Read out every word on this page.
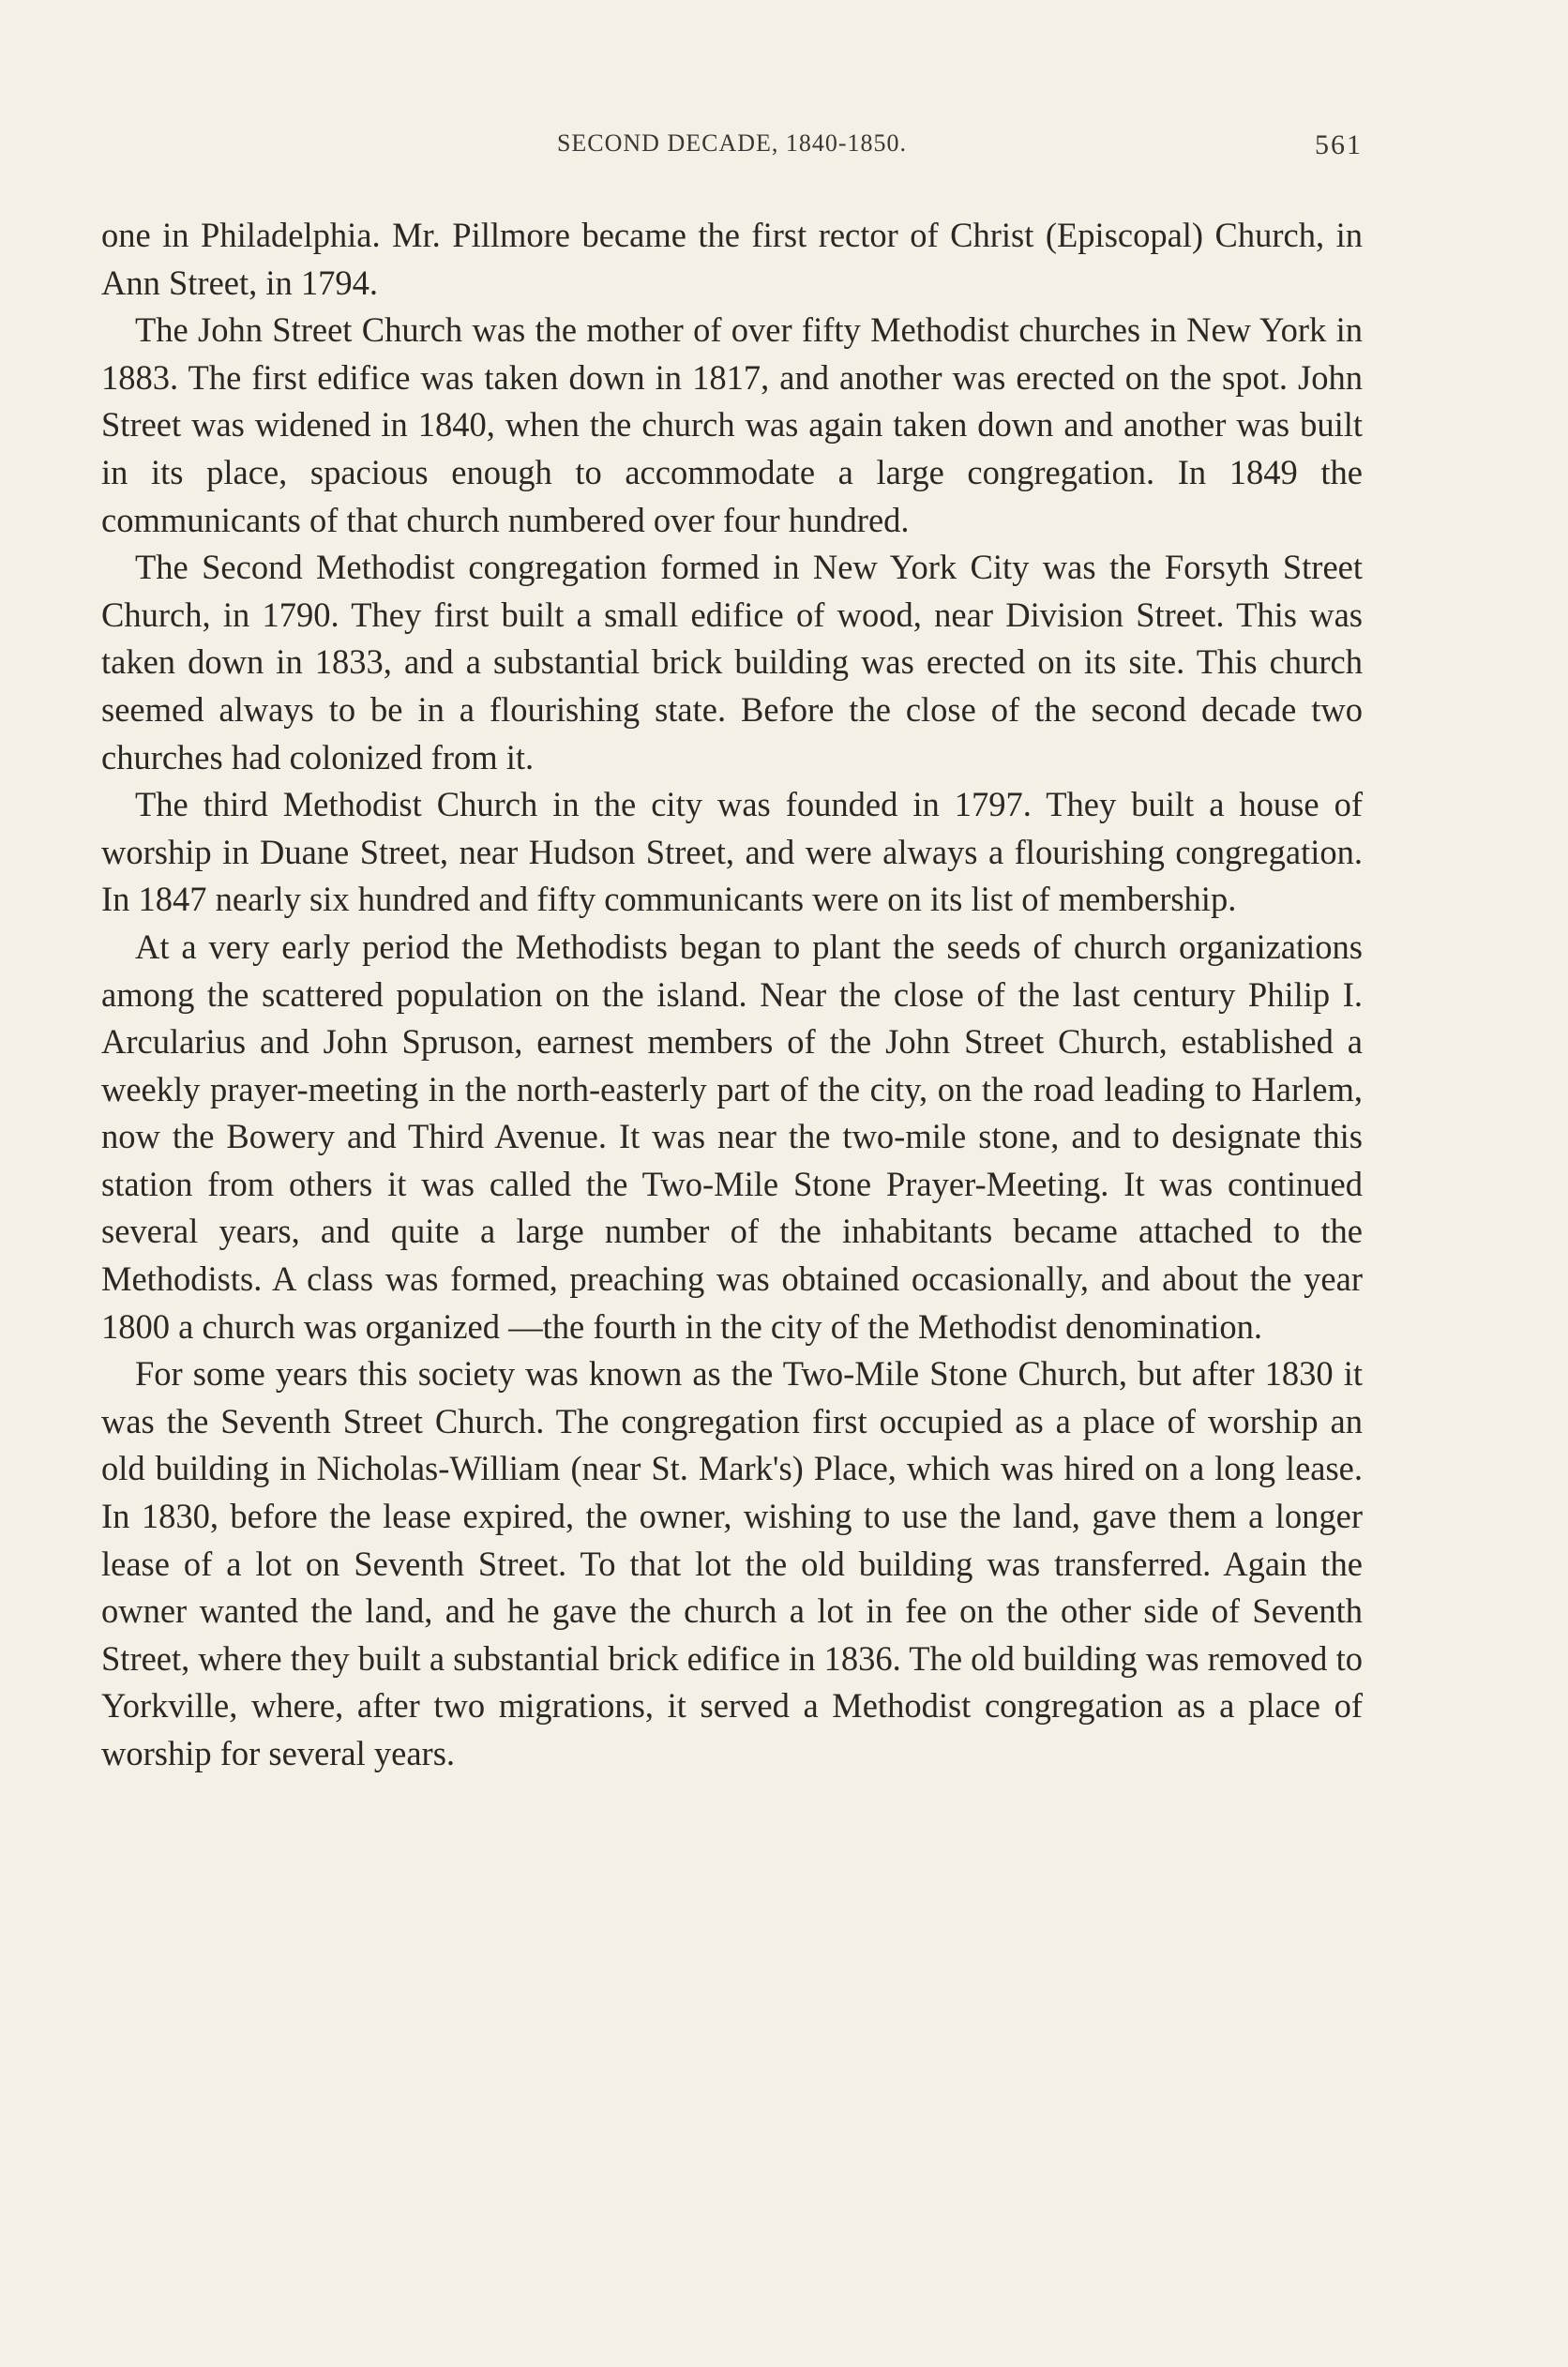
SECOND DECADE, 1840-1850.	561

one in Philadelphia. Mr. Pillmore became the first rector of Christ (Episcopal) Church, in Ann Street, in 1794.

The John Street Church was the mother of over fifty Methodist churches in New York in 1883. The first edifice was taken down in 1817, and another was erected on the spot. John Street was widened in 1840, when the church was again taken down and another was built in its place, spacious enough to accommodate a large congregation. In 1849 the communicants of that church numbered over four hundred.

The Second Methodist congregation formed in New York City was the Forsyth Street Church, in 1790. They first built a small edifice of wood, near Division Street. This was taken down in 1833, and a substantial brick building was erected on its site. This church seemed always to be in a flourishing state. Before the close of the second decade two churches had colonized from it.

The third Methodist Church in the city was founded in 1797. They built a house of worship in Duane Street, near Hudson Street, and were always a flourishing congregation. In 1847 nearly six hundred and fifty communicants were on its list of membership.

At a very early period the Methodists began to plant the seeds of church organizations among the scattered population on the island. Near the close of the last century Philip I. Arcularius and John Spruson, earnest members of the John Street Church, established a weekly prayer-meeting in the north-easterly part of the city, on the road leading to Harlem, now the Bowery and Third Avenue. It was near the two-mile stone, and to designate this station from others it was called the Two-Mile Stone Prayer-Meeting. It was continued several years, and quite a large number of the inhabitants became attached to the Methodists. A class was formed, preaching was obtained occasionally, and about the year 1800 a church was organized —the fourth in the city of the Methodist denomination.

For some years this society was known as the Two-Mile Stone Church, but after 1830 it was the Seventh Street Church. The congregation first occupied as a place of worship an old building in Nicholas-William (near St. Mark's) Place, which was hired on a long lease. In 1830, before the lease expired, the owner, wishing to use the land, gave them a longer lease of a lot on Seventh Street. To that lot the old building was transferred. Again the owner wanted the land, and he gave the church a lot in fee on the other side of Seventh Street, where they built a substantial brick edifice in 1836. The old building was removed to Yorkville, where, after two migrations, it served a Methodist congregation as a place of worship for several years.
